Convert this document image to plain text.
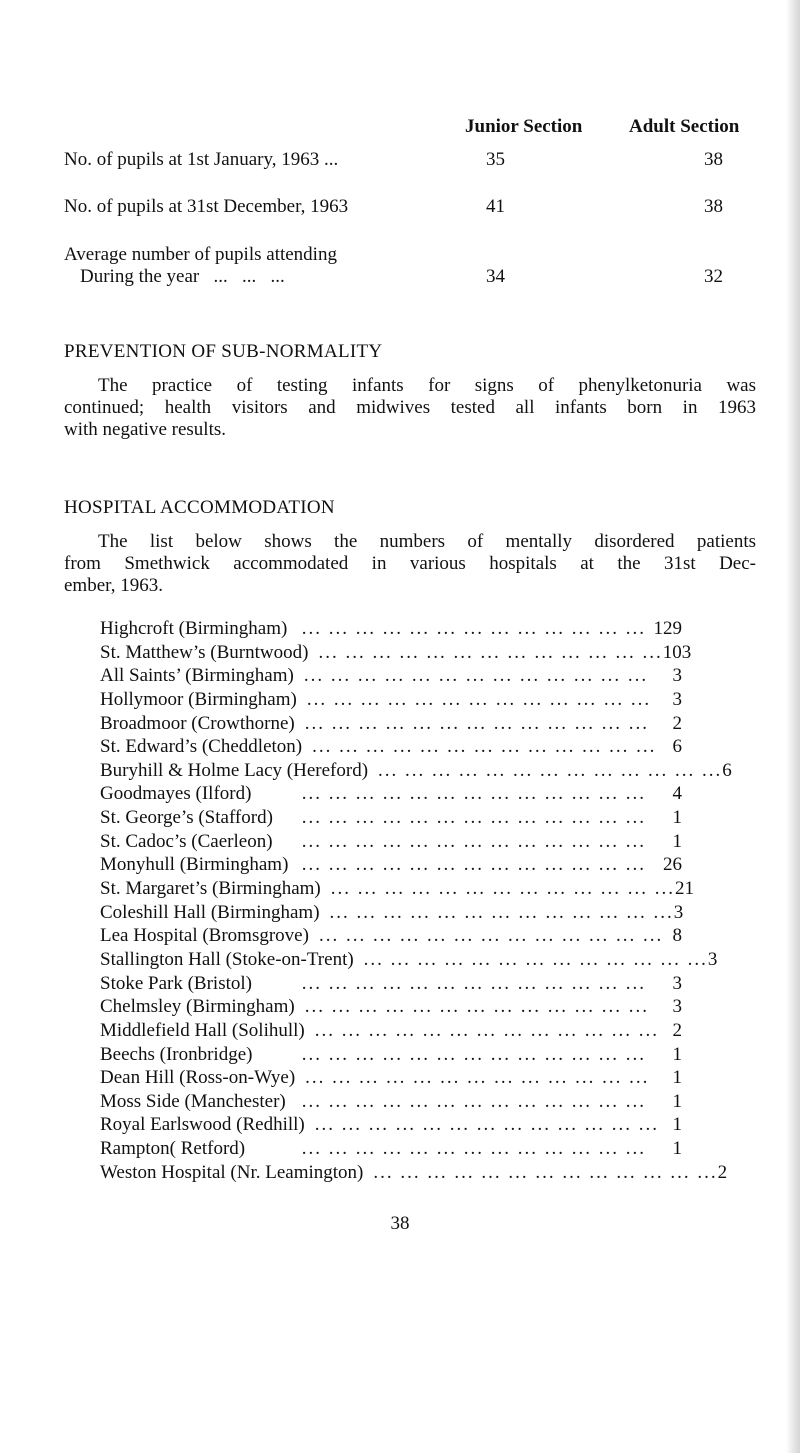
Junior Section Adult Section
No. of pupils at 1st January, 1963 ...	35	38
No. of pupils at 31st December, 1963	41	38
Average number of pupils attending
During the year   ...   ...   ...	34	32
PREVENTION OF SUB-NORMALITY
The practice of testing infants for signs of phenylketonuria was
continued; health visitors and midwives tested all infants born in 1963
with negative results.
HOSPITAL ACCOMMODATION
The list below shows the numbers of mentally disordered patients
from Smethwick accommodated in various hospitals at the 31st Dec-
ember, 1963.
Highcroft (Birmingham) ... ... ... ... ... ... ... ... ... ... ... ... ... 129
St. Matthew’s (Burntwood) ... ... ... ... ... ... ... ... ... ... ... ... ... 103
All Saints’ (Birmingham) ... ... ... ... ... ... ... ... ... ... ... ... ...	3
Hollymoor (Birmingham) ... ... ... ... ... ... ... ... ... ... ... ... ...	3
Broadmoor (Crowthorne) ... ... ... ... ... ... ... ... ... ... ... ... ...	2
St. Edward’s (Cheddleton) ... ... ... ... ... ... ... ... ... ... ... ... ... 6
Buryhill & Holme Lacy (Hereford) ... ... ... ... ... ... ... ... ... ... ... ... ... 6
Goodmayes (Ilford)	... ... ... ... ... ... ... ... ... ... ... ... ...	4
St. George’s (Stafford)	... ... ... ... ... ... ... ... ... ... ... ... ...	1
St. Cadoc’s (Caerleon)	... ... ... ... ... ... ... ... ... ... ... ... ...	1
Monyhull (Birmingham) ... ... ... ... ... ... ... ... ... ... ... ... ... 26
St. Margaret’s (Birmingham) ... ... ... ... ... ... ... ... ... ... ... ... ... 21
Coleshill Hall (Birmingham) ... ... ... ... ... ... ... ... ... ... ... ... ... 3
Lea Hospital (Bromsgrove) ... ... ... ... ... ... ... ... ... ... ... ... ... 8
Stallington Hall (Stoke-on-Trent) ... ... ... ... ... ... ... ... ... ... ... ... ... 3
Stoke Park (Bristol)	... ... ... ... ... ... ... ... ... ... ... ... ...	3
Chelmsley (Birmingham) ... ... ... ... ... ... ... ... ... ... ... ... ...	3
Middlefield Hall (Solihull) ... ... ... ... ... ... ... ... ... ... ... ... ... 2
Beechs (Ironbridge)	... ... ... ... ... ... ... ... ... ... ... ... ...	1
Dean Hill (Ross-on-Wye) ... ... ... ... ... ... ... ... ... ... ... ... ...	1
Moss Side (Manchester) ... ... ... ... ... ... ... ... ... ... ... ... ...	1
Royal Earlswood (Redhill) ... ... ... ... ... ... ... ... ... ... ... ... ... 1
Rampton( Retford)	... ... ... ... ... ... ... ... ... ... ... ... ...	1
Weston Hospital (Nr. Leamington) ... ... ... ... ... ... ... ... ... ... ... ... ... 2
38
